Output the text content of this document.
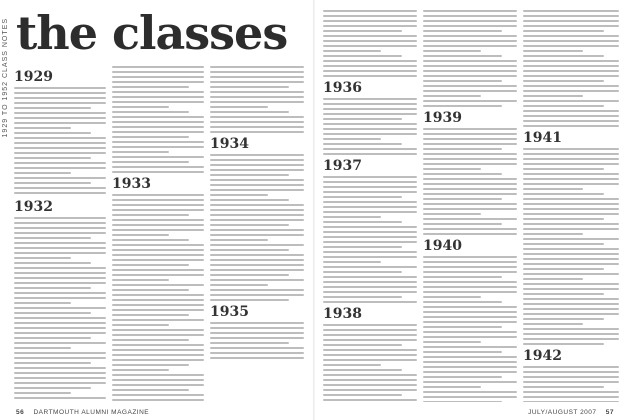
1929 TO 1952 CLASS NOTES the classes
1929
1932
1933
1934
1935
56 DARTMOUTH ALUMNI MAGAZINE
1936
1937
1938
1939
1940
1941
1942
JULY/AUGUST 2007 57
